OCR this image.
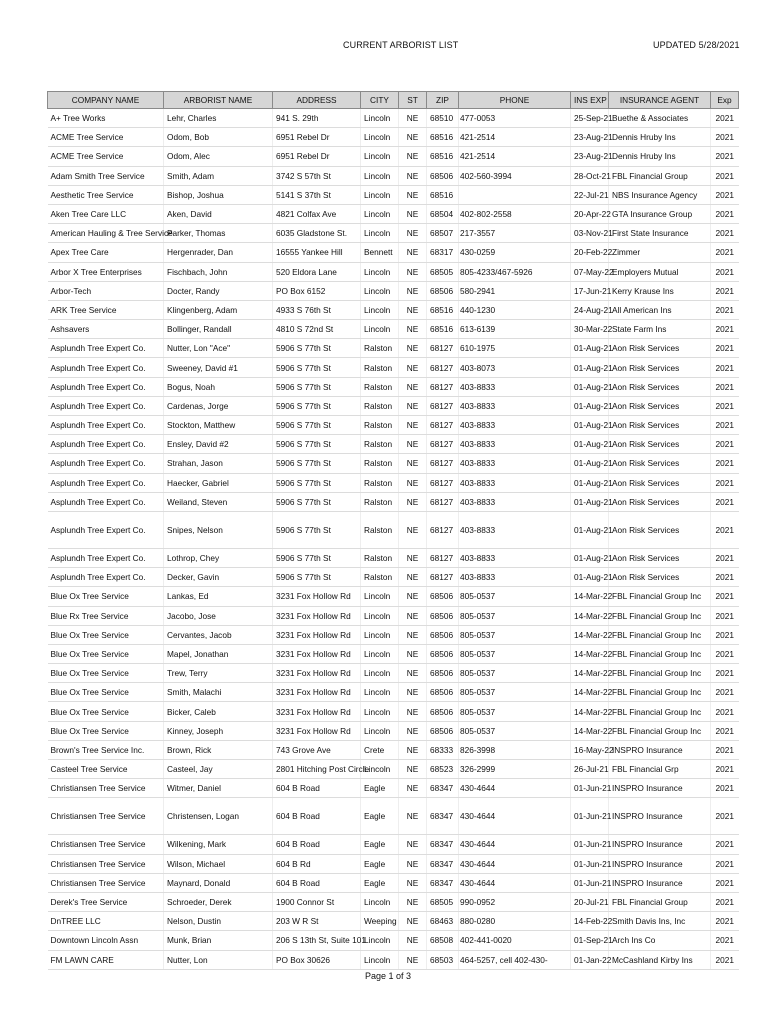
CURRENT ARBORIST LIST	UPDATED 5/28/2021
COMPANY NAME	ARBORIST NAME	ADDRESS	CITY	ST	ZIP	PHONE	INS EXP	INSURANCE AGENT	Exp
A+ Tree Works	Lehr, Charles	941 S. 29th	Lincoln	NE	68510	477-0053	25-Sep-21	Buethe & Associates	2021
ACME Tree Service	Odom, Bob	6951 Rebel Dr	Lincoln	NE	68516	421-2514	23-Aug-21	Dennis Hruby Ins	2021
ACME Tree Service	Odom, Alec	6951 Rebel Dr	Lincoln	NE	68516	421-2514	23-Aug-21	Dennis Hruby Ins	2021
Adam Smith Tree Service	Smith, Adam	3742 S 57th St	Lincoln	NE	68506	402-560-3994	28-Oct-21	FBL Financial Group	2021
Aesthetic Tree Service	Bishop, Joshua	5141 S 37th St	Lincoln	NE	68516		22-Jul-21	NBS Insurance Agency	2021
Aken Tree Care LLC	Aken, David	4821 Colfax Ave	Lincoln	NE	68504	402-802-2558	20-Apr-22	GTA Insurance Group	2021
American Hauling & Tree Service	Parker, Thomas	6035 Gladstone St.	Lincoln	NE	68507	217-3557	03-Nov-21	First State Insurance	2021
Apex Tree Care	Hergenrader, Dan	16555 Yankee Hill	Bennett	NE	68317	430-0259	20-Feb-22	Zimmer	2021
Arbor X Tree Enterprises	Fischbach, John	520 Eldora Lane	Lincoln	NE	68505	805-4233/467-5926	07-May-22	Employers Mutual	2021
Arbor-Tech	Docter, Randy	PO Box 6152	Lincoln	NE	68506	580-2941	17-Jun-21	Kerry Krause Ins	2021
ARK Tree Service	Klingenberg, Adam	4933 S 76th St	Lincoln	NE	68516	440-1230	24-Aug-21	All American Ins	2021
Ashsavers	Bollinger, Randall	4810 S 72nd St	Lincoln	NE	68516	613-6139	30-Mar-22	State Farm Ins	2021
Asplundh Tree Expert Co.	Nutter, Lon "Ace"	5906 S 77th St	Ralston	NE	68127	610-1975	01-Aug-21	Aon Risk Services	2021
Asplundh Tree Expert Co.	Sweeney, David #1	5906 S 77th St	Ralston	NE	68127	403-8073	01-Aug-21	Aon Risk Services	2021
Asplundh Tree Expert Co.	Bogus, Noah	5906 S 77th St	Ralston	NE	68127	403-8833	01-Aug-21	Aon Risk Services	2021
Asplundh Tree Expert Co.	Cardenas, Jorge	5906 S 77th St	Ralston	NE	68127	403-8833	01-Aug-21	Aon Risk Services	2021
Asplundh Tree Expert Co.	Stockton, Matthew	5906 S 77th St	Ralston	NE	68127	403-8833	01-Aug-21	Aon Risk Services	2021
Asplundh Tree Expert Co.	Ensley, David #2	5906 S 77th St	Ralston	NE	68127	403-8833	01-Aug-21	Aon Risk Services	2021
Asplundh Tree Expert Co.	Strahan, Jason	5906 S 77th St	Ralston	NE	68127	403-8833	01-Aug-21	Aon Risk Services	2021
Asplundh Tree Expert Co.	Haecker, Gabriel	5906 S 77th St	Ralston	NE	68127	403-8833	01-Aug-21	Aon Risk Services	2021
Asplundh Tree Expert Co.	Weiland, Steven	5906 S 77th St	Ralston	NE	68127	403-8833	01-Aug-21	Aon Risk Services	2021
Asplundh Tree Expert Co.	Snipes, Nelson	5906 S 77th St	Ralston	NE	68127	403-8833	01-Aug-21	Aon Risk Services	2021
Asplundh Tree Expert Co.	Lothrop, Chey	5906 S 77th St	Ralston	NE	68127	403-8833	01-Aug-21	Aon Risk Services	2021
Asplundh Tree Expert Co.	Decker, Gavin	5906 S 77th St	Ralston	NE	68127	403-8833	01-Aug-21	Aon Risk Services	2021
Blue Ox Tree Service	Lankas, Ed	3231 Fox Hollow Rd	Lincoln	NE	68506	805-0537	14-Mar-22	FBL Financial Group Inc	2021
Blue Rx Tree Service	Jacobo, Jose	3231 Fox Hollow Rd	Lincoln	NE	68506	805-0537	14-Mar-22	FBL Financial Group Inc	2021
Blue Ox Tree Service	Cervantes, Jacob	3231 Fox Hollow Rd	Lincoln	NE	68506	805-0537	14-Mar-22	FBL Financial Group Inc	2021
Blue Ox Tree Service	Mapel, Jonathan	3231 Fox Hollow Rd	Lincoln	NE	68506	805-0537	14-Mar-22	FBL Financial Group Inc	2021
Blue Ox Tree Service	Trew, Terry	3231 Fox Hollow Rd	Lincoln	NE	68506	805-0537	14-Mar-22	FBL Financial Group Inc	2021
Blue Ox Tree Service	Smith, Malachi	3231 Fox Hollow Rd	Lincoln	NE	68506	805-0537	14-Mar-22	FBL Financial Group Inc	2021
Blue Ox Tree Service	Bicker, Caleb	3231 Fox Hollow Rd	Lincoln	NE	68506	805-0537	14-Mar-22	FBL Financial Group Inc	2021
Blue Ox Tree Service	Kinney, Joseph	3231 Fox Hollow Rd	Lincoln	NE	68506	805-0537	14-Mar-22	FBL Financial Group Inc	2021
Brown's Tree Service Inc.	Brown, Rick	743 Grove Ave	Crete	NE	68333	826-3998	16-May-22	INSPRO Insurance	2021
Casteel Tree Service	Casteel, Jay	2801 Hitching Post Circle	Lincoln	NE	68523	326-2999	26-Jul-21	FBL Financial Grp	2021
Christiansen Tree Service	Witmer, Daniel	604 B Road	Eagle	NE	68347	430-4644	01-Jun-21	INSPRO Insurance	2021
Christiansen Tree Service	Christensen, Logan	604 B Road	Eagle	NE	68347	430-4644	01-Jun-21	INSPRO Insurance	2021
Christiansen Tree Service	Wilkening, Mark	604 B Road	Eagle	NE	68347	430-4644	01-Jun-21	INSPRO Insurance	2021
Christiansen Tree Service	Wilson, Michael	604 B Rd	Eagle	NE	68347	430-4644	01-Jun-21	INSPRO Insurance	2021
Christiansen Tree Service	Maynard, Donald	604 B Road	Eagle	NE	68347	430-4644	01-Jun-21	INSPRO Insurance	2021
Derek's Tree Service	Schroeder, Derek	1900 Connor St	Lincoln	NE	68505	990-0952	20-Jul-21	FBL Financial Group	2021
DnTREE LLC	Nelson, Dustin	203 W R St	Weeping	NE	68463	880-0280	14-Feb-22	Smith Davis Ins, Inc	2021
Downtown Lincoln Assn	Munk, Brian	206 S 13th St, Suite 101	Lincoln	NE	68508	402-441-0020	01-Sep-21	Arch Ins Co	2021
FM LAWN CARE	Nutter, Lon	PO Box 30626	Lincoln	NE	68503	464-5257, cell 402-430-	01-Jan-22	McCashland Kirby Ins	2021
Page 1 of 3
